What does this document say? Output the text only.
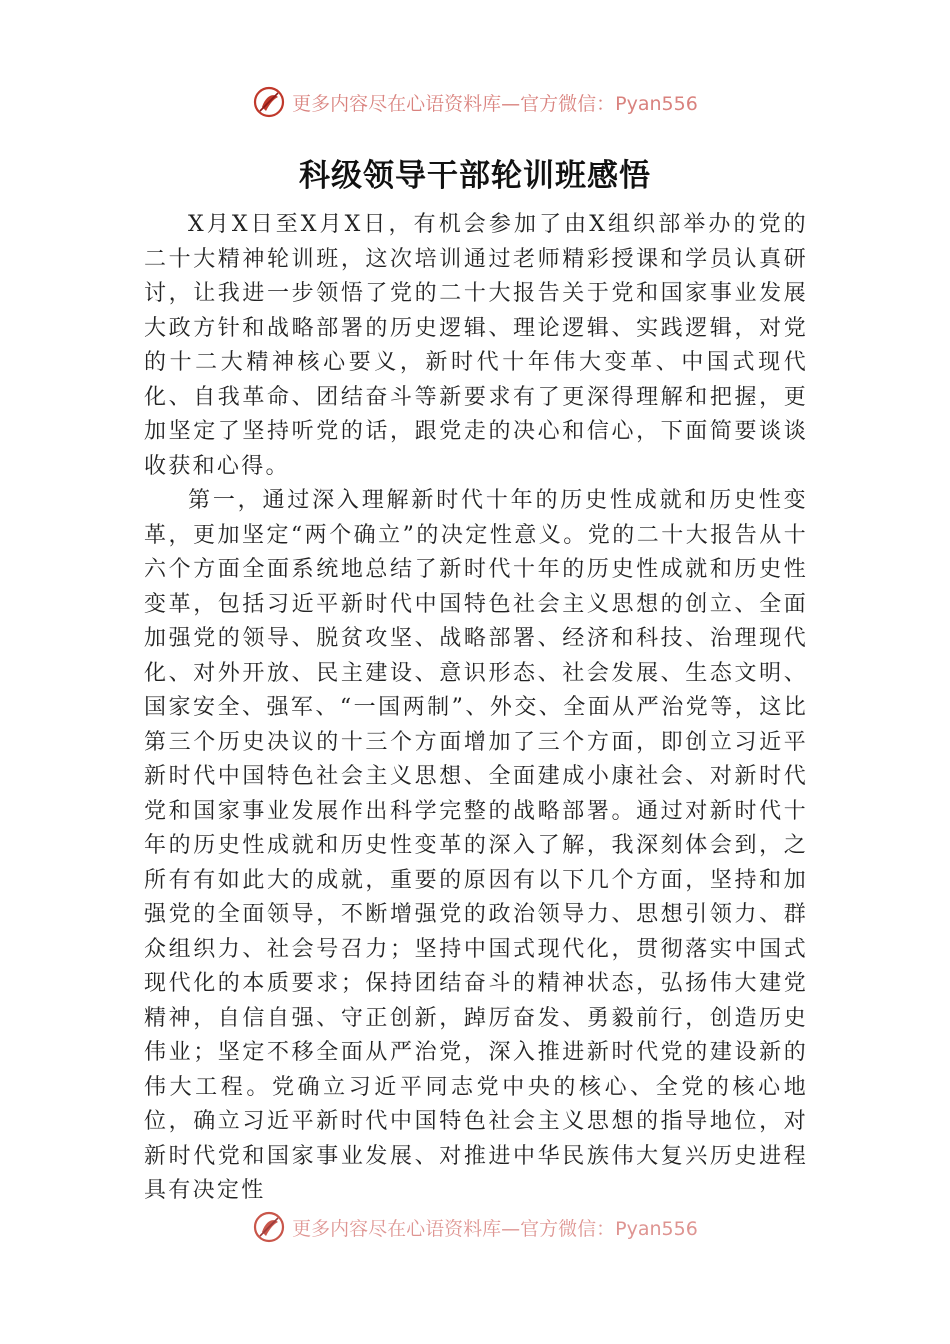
更多内容尽在心语资料库—官方微信：Pyan556
科级领导干部轮训班感悟

X月X日至X月X日，有机会参加了由X组织部举办的党的二十大精神轮训班，这次培训通过老师精彩授课和学员认真研讨，让我进一步领悟了党的二十大报告关于党和国家事业发展大政方针和战略部署的历史逻辑、理论逻辑、实践逻辑，对党的十二大精神核心要义，新时代十年伟大变革、中国式现代化、自我革命、团结奋斗等新要求有了更深得理解和把握，更加坚定了坚持听党的话，跟党走的决心和信心，下面简要谈谈收获和心得。

第一，通过深入理解新时代十年的历史性成就和历史性变革，更加坚定“两个确立”的决定性意义。党的二十大报告从十六个方面全面系统地总结了新时代十年的历史性成就和历史性变革，包括习近平新时代中国特色社会主义思想的创立、全面加强党的领导、脱贫攻坚、战略部署、经济和科技、治理现代化、对外开放、民主建设、意识形态、社会发展、生态文明、国家安全、强军、“一国两制”、外交、全面从严治党等，这比第三个历史决议的十三个方面增加了三个方面，即创立习近平新时代中国特色社会主义思想、全面建成小康社会、对新时代党和国家事业发展作出科学完整的战略部署。通过对新时代十年的历史性成就和历史性变革的深入了解，我深刻体会到，之所有有如此大的成就，重要的原因有以下几个方面，坚持和加强党的全面领导，不断增强党的政治领导力、思想引领力、群众组织力、社会号召力；坚持中国式现代化，贯彻落实中国式现代化的本质要求；保持团结奋斗的精神状态，弘扬伟大建党精神，自信自强、守正创新，踔厉奋发、勇毅前行，创造历史伟业；坚定不移全面从严治党，深入推进新时代党的建设新的伟大工程。党确立习近平同志党中央的核心、全党的核心地位，确立习近平新时代中国特色社会主义思想的指导地位，对新时代党和国家事业发展、对推进中华民族伟大复兴历史进程具有决定性

更多内容尽在心语资料库—官方微信：Pyan556
